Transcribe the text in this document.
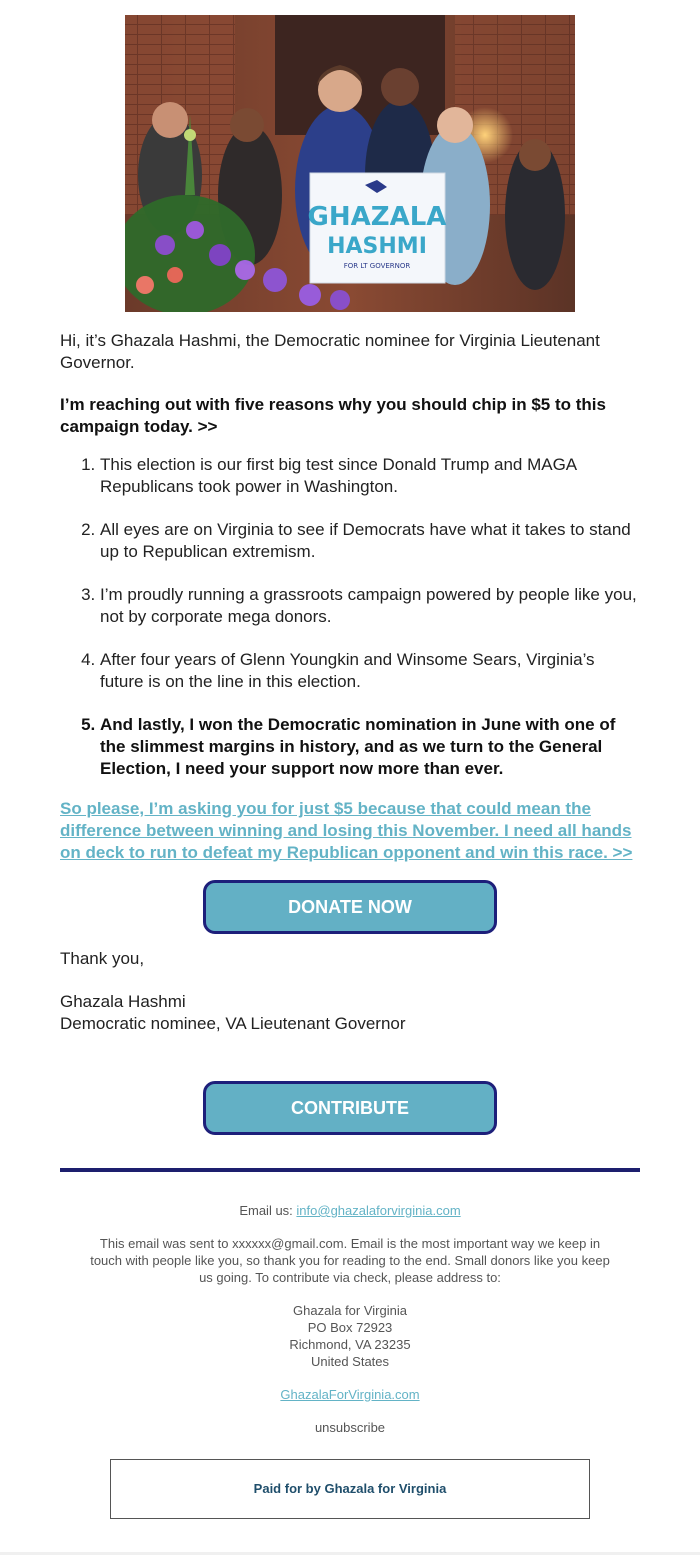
GHAZALA
HASHMI
FOR LT GOVERNOR

Hi, it’s Ghazala Hashmi, the Democratic nominee for Virginia Lieutenant Governor.

I’m reaching out with five reasons why you should chip in $5 to this campaign today. >>

1. This election is our first big test since Donald Trump and MAGA Republicans took power in Washington.
2. All eyes are on Virginia to see if Democrats have what it takes to stand up to Republican extremism.
3. I’m proudly running a grassroots campaign powered by people like you, not by corporate mega donors.
4. After four years of Glenn Youngkin and Winsome Sears, Virginia’s future is on the line in this election.
5. And lastly, I won the Democratic nomination in June with one of the slimmest margins in history, and as we turn to the General Election, I need your support now more than ever.
So please, I’m asking you for just $5 because that could mean the difference between winning and losing this November. I need all hands on deck to run to defeat my Republican opponent and win this race. >>
DONATE NOW

Thank you,

Ghazala Hashmi
Democratic nominee, VA Lieutenant Governor
CONTRIBUTE

Email us: info@ghazalaforvirginia.com

This email was sent to xxxxxx@gmail.com. Email is the most important way we keep in touch with people like you, so thank you for reading to the end. Small donors like you keep us going. To contribute via check, please address to:

Ghazala for Virginia
PO Box 72923
Richmond, VA 23235
United States

GhazalaForVirginia.com

unsubscribe

Paid for by Ghazala for Virginia
